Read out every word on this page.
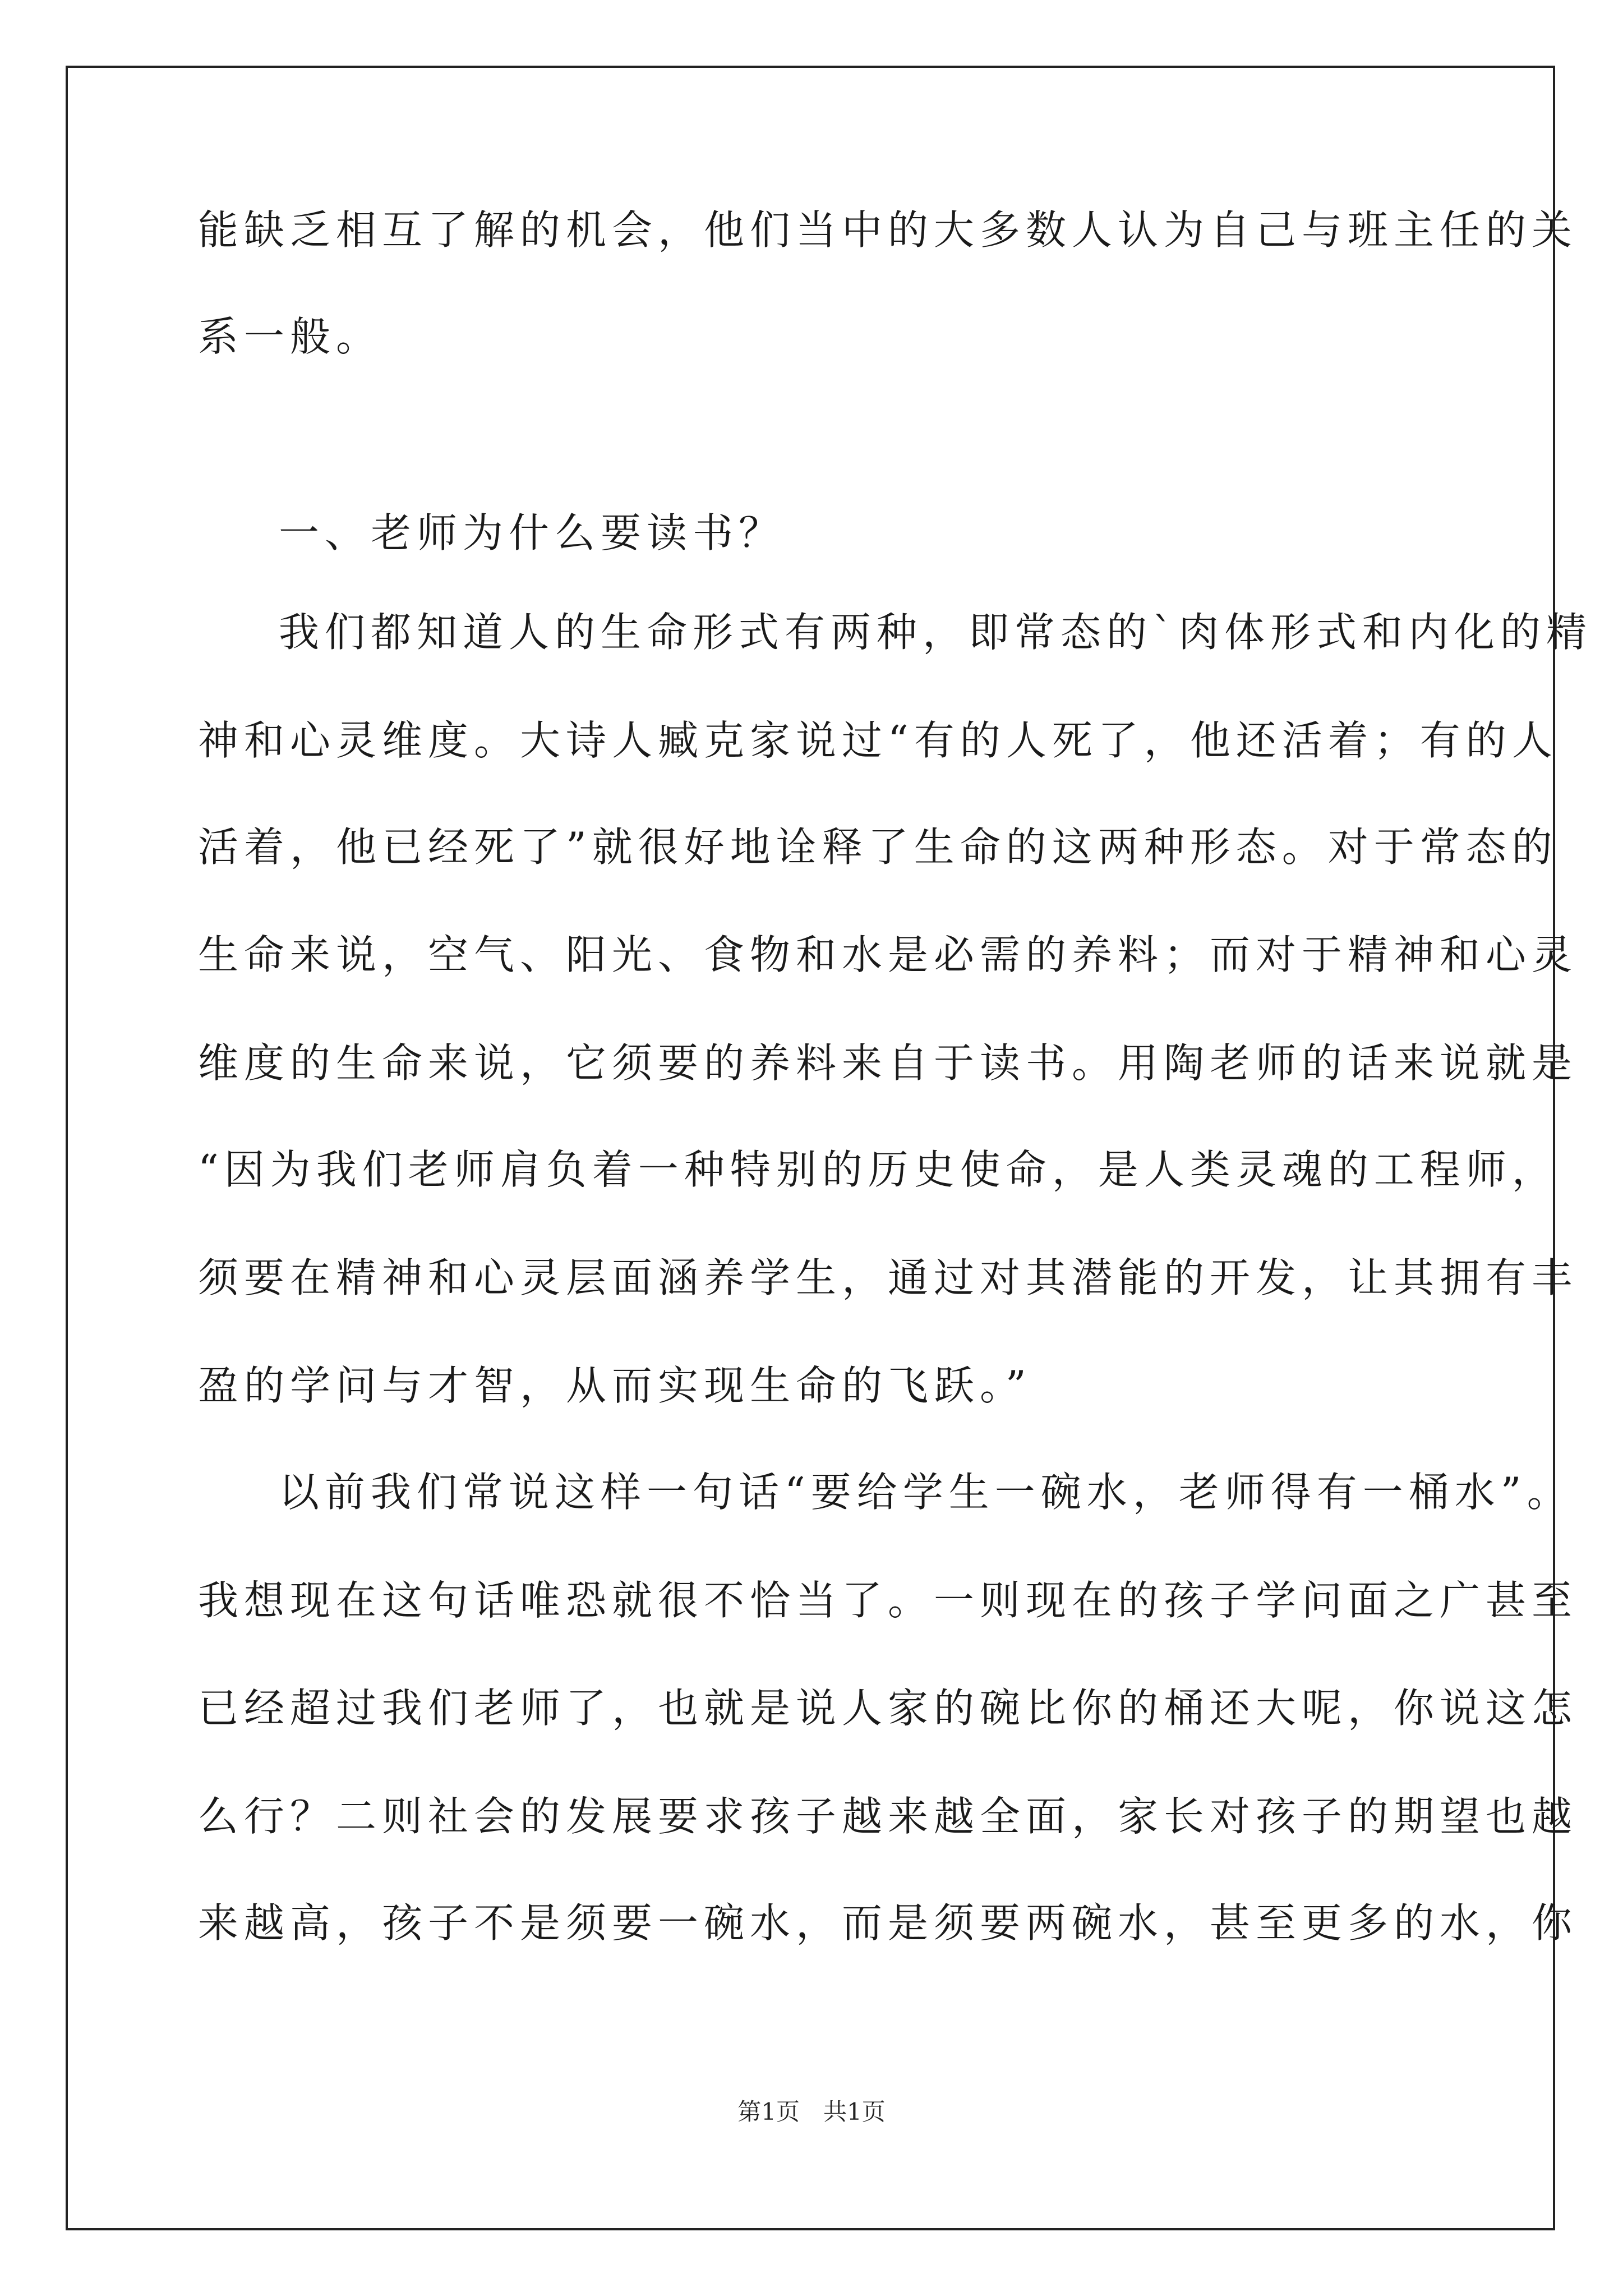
能缺乏相互了解的机会，他们当中的大多数人认为自己与班主任的关
系一般。
一、老师为什么要读书？
我们都知道人的生命形式有两种，即常态的`肉体形式和内化的精
神和心灵维度。大诗人臧克家说过“有的人死了，他还活着；有的人
活着，他已经死了”就很好地诠释了生命的这两种形态。对于常态的
生命来说，空气、阳光、食物和水是必需的养料；而对于精神和心灵
维度的生命来说，它须要的养料来自于读书。用陶老师的话来说就是
“因为我们老师肩负着一种特别的历史使命，是人类灵魂的工程师，
须要在精神和心灵层面涵养学生，通过对其潜能的开发，让其拥有丰
盈的学问与才智，从而实现生命的飞跃。”
以前我们常说这样一句话“要给学生一碗水，老师得有一桶水”。
我想现在这句话唯恐就很不恰当了。一则现在的孩子学问面之广甚至
已经超过我们老师了，也就是说人家的碗比你的桶还大呢，你说这怎
么行？二则社会的发展要求孩子越来越全面，家长对孩子的期望也越
来越高，孩子不是须要一碗水，而是须要两碗水，甚至更多的水，你
第1页　共1页
